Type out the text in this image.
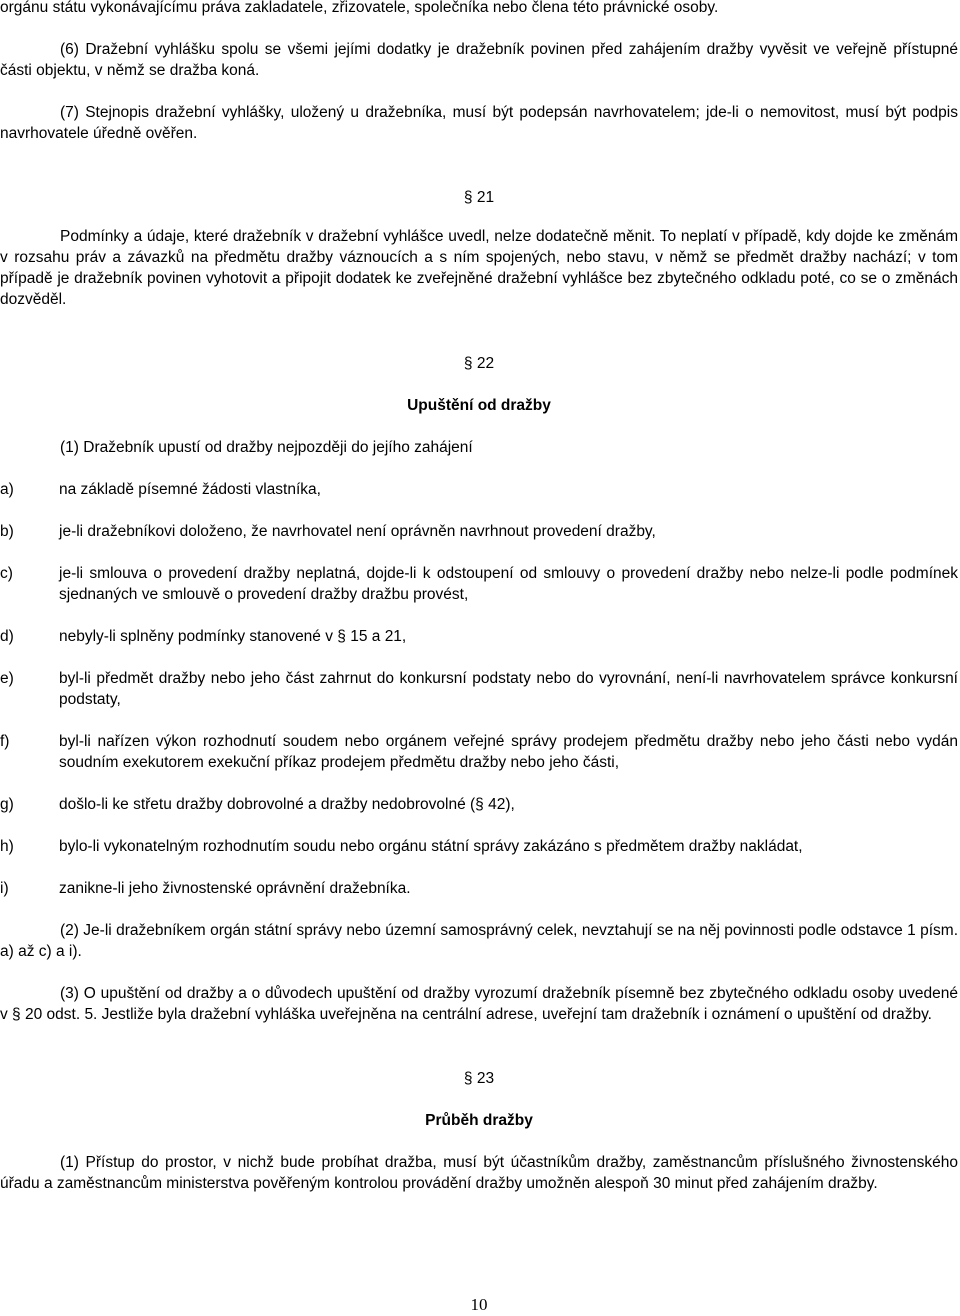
orgánu státu vykonávajícímu práva zakladatele, zřizovatele, společníka nebo člena této právnické osoby.

(6) Dražební vyhlášku spolu se všemi jejími dodatky je dražebník povinen před zahájením dražby vyvěsit ve veřejně přístupné části objektu, v němž se dražba koná.

(7) Stejnopis dražební vyhlášky, uložený u dražebníka, musí být podepsán navrhovatelem; jde-li o nemovitost, musí být podpis navrhovatele úředně ověřen.

§ 21

Podmínky a údaje, které dražebník v dražební vyhlášce uvedl, nelze dodatečně měnit. To neplatí v případě, kdy dojde ke změnám v rozsahu práv a závazků na předmětu dražby váznoucích a s ním spojených, nebo stavu, v němž se předmět dražby nachází; v tom případě je dražebník povinen vyhotovit a připojit dodatek ke zveřejněné dražební vyhlášce bez zbytečného odkladu poté, co se o změnách dozvěděl.

§ 22

Upuštění od dražby

(1) Dražebník upustí od dražby nejpozději do jejího zahájení

a)	na základě písemné žádosti vlastníka,
b)	je-li dražebníkovi doloženo, že navrhovatel není oprávněn navrhnout provedení dražby,
c)	je-li smlouva o provedení dražby neplatná, dojde-li k odstoupení od smlouvy o provedení dražby nebo nelze-li podle podmínek sjednaných ve smlouvě o provedení dražby dražbu provést,
d)	nebyly-li splněny podmínky stanovené v § 15 a 21,
e)	byl-li předmět dražby nebo jeho část zahrnut do konkursní podstaty nebo do vyrovnání, není-li navrhovatelem správce konkursní podstaty,
f)	byl-li nařízen výkon rozhodnutí soudem nebo orgánem veřejné správy prodejem předmětu dražby nebo jeho části nebo vydán soudním exekutorem exekuční příkaz prodejem předmětu dražby nebo jeho části,
g)	došlo-li ke střetu dražby dobrovolné a dražby nedobrovolné (§ 42),
h)	bylo-li vykonatelným rozhodnutím soudu nebo orgánu státní správy zakázáno s předmětem dražby nakládat,
i)	zanikne-li jeho živnostenské oprávnění dražebníka.

(2) Je-li dražebníkem orgán státní správy nebo územní samosprávný celek, nevztahují se na něj povinnosti podle odstavce 1 písm. a) až c) a i).

(3) O upuštění od dražby a o důvodech upuštění od dražby vyrozumí dražebník písemně bez zbytečného odkladu osoby uvedené v § 20 odst. 5. Jestliže byla dražební vyhláška uveřejněna na centrální adrese, uveřejní tam dražebník i oznámení o upuštění od dražby.

§ 23

Průběh dražby

(1) Přístup do prostor, v nichž bude probíhat dražba, musí být účastníkům dražby, zaměstnancům příslušného živnostenského úřadu a zaměstnancům ministerstva pověřeným kontrolou provádění dražby umožněn alespoň 30 minut před zahájením dražby.

10
